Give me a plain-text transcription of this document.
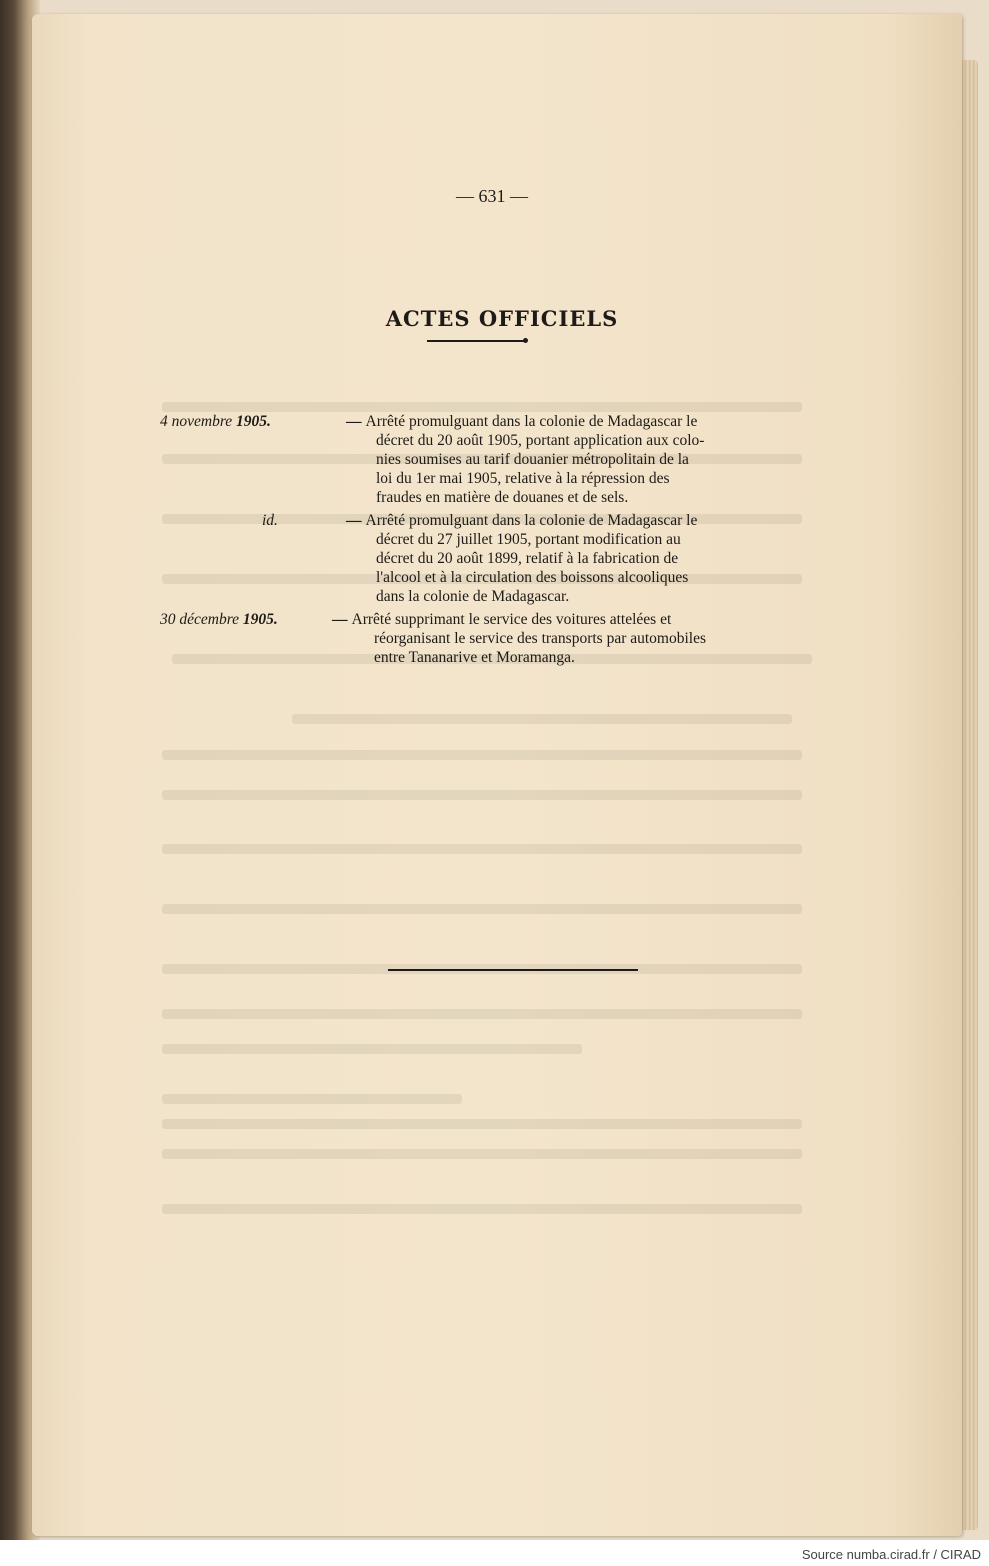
— 631 —
ACTES OFFICIELS
4 novembre 1905.	— Arrêté promulguant dans la colonie de Madagascar le
décret du 20 août 1905, portant application aux colo-
nies soumises au tarif douanier métropolitain de la
loi du 1er mai 1905, relative à la répression des
fraudes en matière de douanes et de sels.
id.	— Arrêté promulguant dans la colonie de Madagascar le
décret du 27 juillet 1905, portant modification au
décret du 20 août 1899, relatif à la fabrication de
l'alcool et à la circulation des boissons alcooliques
dans la colonie de Madagascar.
30 décembre 1905.	— Arrêté supprimant le service des voitures attelées et
réorganisant le service des transports par automobiles
entre Tananarive et Moramanga.
Source numba.cirad.fr / CIRAD
